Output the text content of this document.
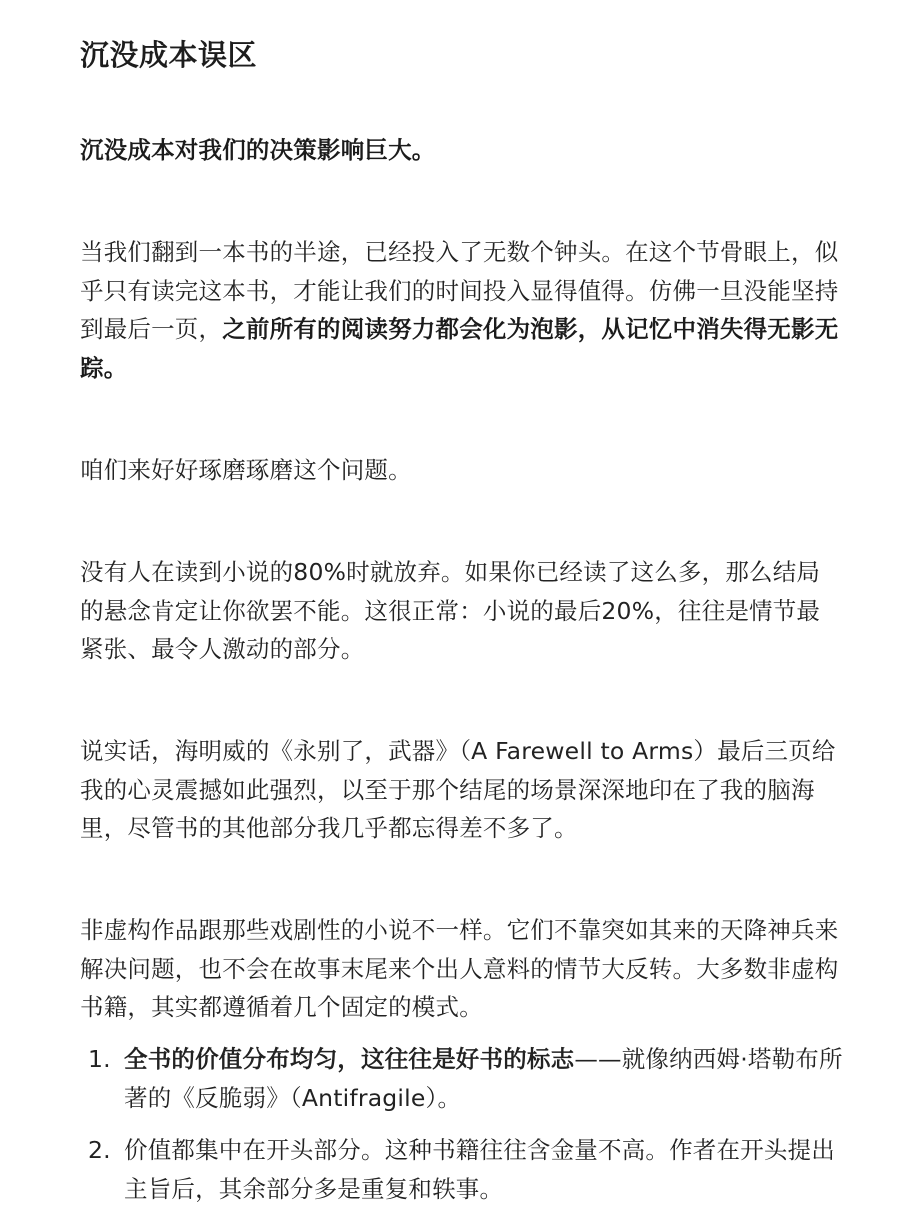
沉没成本误区

沉没成本对我们的决策影响巨大。

当我们翻到一本书的半途，已经投入了无数个钟头。在这个节骨眼上，似乎只有读完这本书，才能让我们的时间投入显得值得。仿佛一旦没能坚持到最后一页，之前所有的阅读努力都会化为泡影，从记忆中消失得无影无踪。

咱们来好好琢磨琢磨这个问题。

没有人在读到小说的80%时就放弃。如果你已经读了这么多，那么结局的悬念肯定让你欲罢不能。这很正常：小说的最后20%，往往是情节最紧张、最令人激动的部分。

说实话，海明威的《永别了，武器》（A Farewell to Arms）最后三页给我的心灵震撼如此强烈，以至于那个结尾的场景深深地印在了我的脑海里，尽管书的其他部分我几乎都忘得差不多了。

非虚构作品跟那些戏剧性的小说不一样。它们不靠突如其来的天降神兵来解决问题，也不会在故事末尾来个出人意料的情节大反转。大多数非虚构书籍，其实都遵循着几个固定的模式。

1. 全书的价值分布均匀，这往往是好书的标志——就像纳西姆·塔勒布所著的《反脆弱》（Antifragile）。
2. 价值都集中在开头部分。这种书籍往往含金量不高。作者在开头提出主旨后，其余部分多是重复和轶事。
